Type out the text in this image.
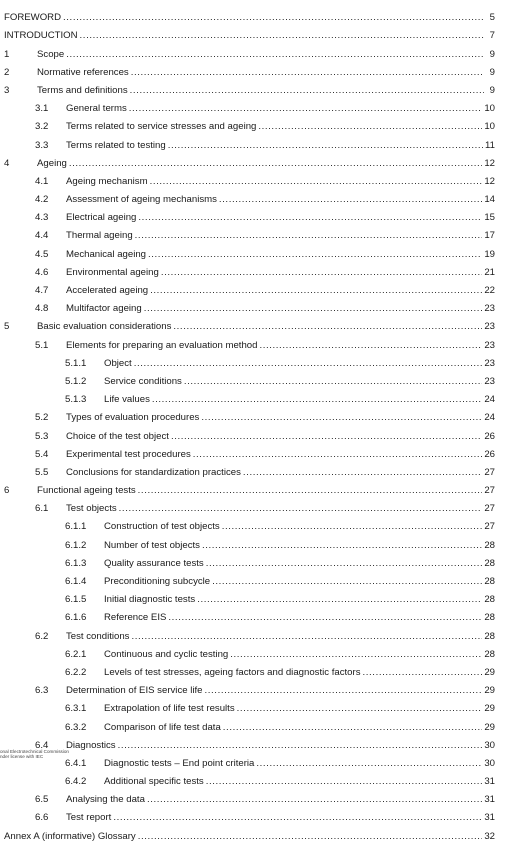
FOREWORD .....	5
INTRODUCTION .....	7
1	Scope .....	9
2	Normative references .....	9
3	Terms and definitions .....	9
3.1	General terms .....	10
3.2	Terms related to service stresses and ageing .....	10
3.3	Terms related to testing .....	11
4	Ageing .....	12
4.1	Ageing mechanism .....	12
4.2	Assessment of ageing mechanisms .....	14
4.3	Electrical ageing .....	15
4.4	Thermal ageing .....	17
4.5	Mechanical ageing .....	19
4.6	Environmental ageing .....	21
4.7	Accelerated ageing .....	22
4.8	Multifactor ageing .....	23
5	Basic evaluation considerations .....	23
5.1	Elements for preparing an evaluation method .....	23
5.1.1	Object .....	23
5.1.2	Service conditions .....	23
5.1.3	Life values .....	24
5.2	Types of evaluation procedures .....	24
5.3	Choice of the test object .....	26
5.4	Experimental test procedures .....	26
5.5	Conclusions for standardization practices .....	27
6	Functional ageing tests .....	27
6.1	Test objects .....	27
6.1.1	Construction of test objects .....	27
6.1.2	Number of test objects .....	28
6.1.3	Quality assurance tests .....	28
6.1.4	Preconditioning subcycle .....	28
6.1.5	Initial diagnostic tests .....	28
6.1.6	Reference EIS .....	28
6.2	Test conditions .....	28
6.2.1	Continuous and cyclic testing .....	28
6.2.2	Levels of test stresses, ageing factors and diagnostic factors .....	29
6.3	Determination of EIS service life .....	29
6.3.1	Extrapolation of life test results .....	29
6.3.2	Comparison of life test data .....	29
6.4	Diagnostics .....	30
6.4.1	Diagnostic tests – End point criteria .....	30
6.4.2	Additional specific tests .....	31
6.5	Analysing the data .....	31
6.6	Test report .....	31
Annex A (informative) Glossary .....	32
onal Electrotechnical Commission
nder license with IEC
